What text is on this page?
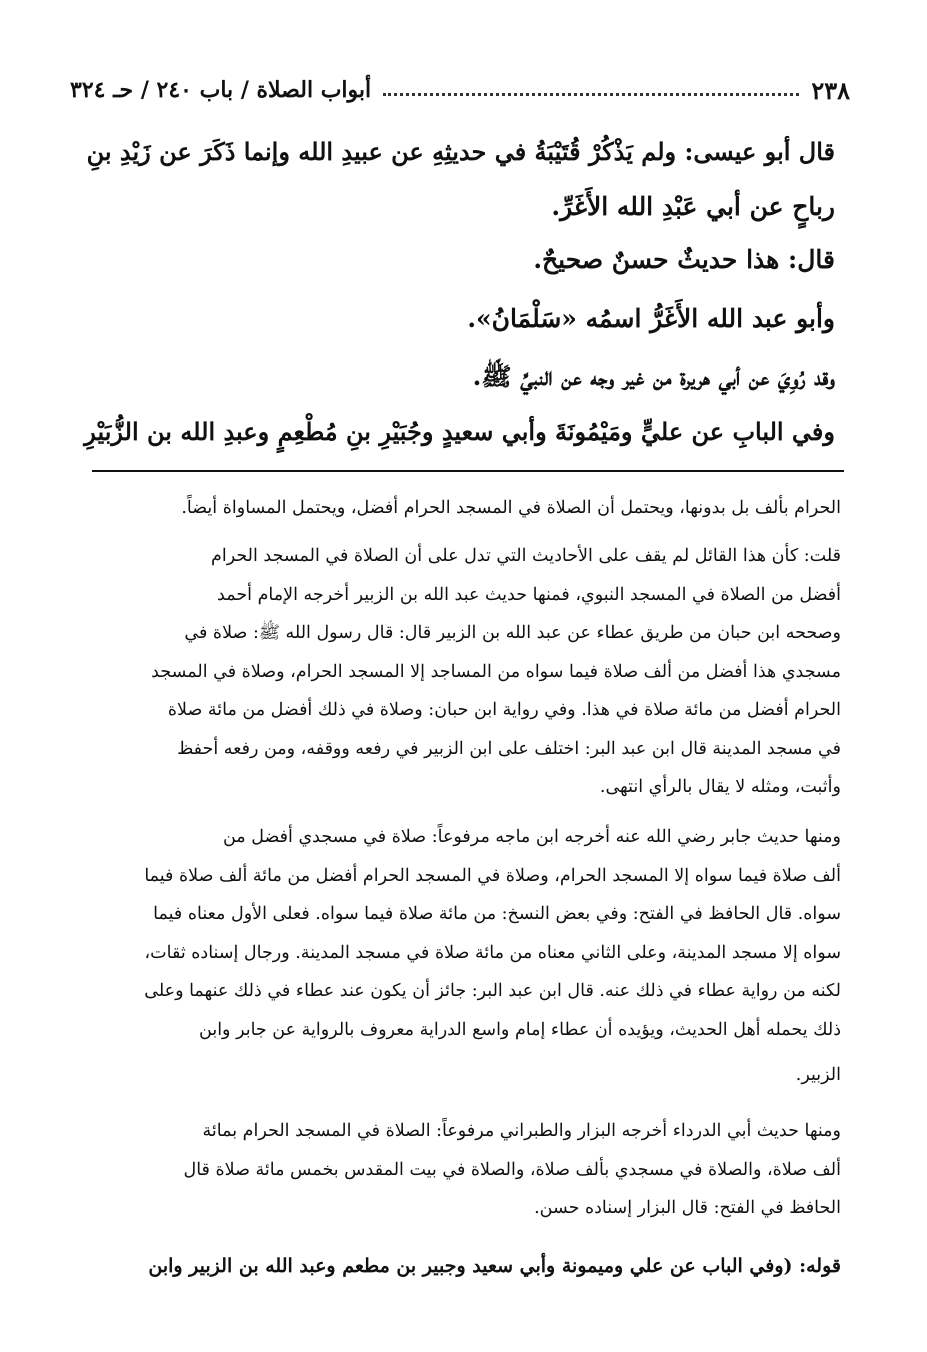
٢٣٨
أبواب الصلاة / باب ٢٤٠ / حـ ٣٢٤
قال أبو عيسى: ولم يَذْكُرْ قُتَيْبَةُ في حديثِهِ عن عبيدِ الله وإنما ذَكَرَ عن زَيْدِ بنِ
رباحٍ عن أبي عَبْدِ الله الأَغَرِّ.
قال: هذا حديثٌ حسنٌ صحيحٌ.
وأبو عبد الله الأَغَرُّ اسمُه «سَلْمَانُ».
وقد رُوِيَ عن أبي هريرة من غير وجه عن النبيِّ ﷺ.
وفي البابِ عن عليٍّ ومَيْمُونَةَ وأبي سعيدٍ وجُبَيْرِ بنِ مُطْعِمٍ وعبدِ الله بن الزُّبَيْرِ
الحرام بألف بل بدونها، ويحتمل أن الصلاة في المسجد الحرام أفضل، ويحتمل المساواة أيضاً.
قلت: كأن هذا القائل لم يقف على الأحاديث التي تدل على أن الصلاة في المسجد الحرام
أفضل من الصلاة في المسجد النبوي، فمنها حديث عبد الله بن الزبير أخرجه الإمام أحمد
وصححه ابن حبان من طريق عطاء عن عبد الله بن الزبير قال: قال رسول الله ﷺ: صلاة في
مسجدي هذا أفضل من ألف صلاة فيما سواه من المساجد إلا المسجد الحرام، وصلاة في المسجد
الحرام أفضل من مائة صلاة في هذا. وفي رواية ابن حبان: وصلاة في ذلك أفضل من مائة صلاة
في مسجد المدينة قال ابن عبد البر: اختلف على ابن الزبير في رفعه ووقفه، ومن رفعه أحفظ
وأثبت، ومثله لا يقال بالرأي انتهى.
ومنها حديث جابر رضي الله عنه أخرجه ابن ماجه مرفوعاً: صلاة في مسجدي أفضل من
ألف صلاة فيما سواه إلا المسجد الحرام، وصلاة في المسجد الحرام أفضل من مائة ألف صلاة فيما
سواه. قال الحافظ في الفتح: وفي بعض النسخ: من مائة صلاة فيما سواه. فعلى الأول معناه فيما
سواه إلا مسجد المدينة، وعلى الثاني معناه من مائة صلاة في مسجد المدينة. ورجال إسناده ثقات،
لكنه من رواية عطاء في ذلك عنه. قال ابن عبد البر: جائز أن يكون عند عطاء في ذلك عنهما وعلى
ذلك يحمله أهل الحديث، ويؤيده أن عطاء إمام واسع الدراية معروف بالرواية عن جابر وابن
الزبير.
ومنها حديث أبي الدرداء أخرجه البزار والطبراني مرفوعاً: الصلاة في المسجد الحرام بمائة
ألف صلاة، والصلاة في مسجدي بألف صلاة، والصلاة في بيت المقدس بخمس مائة صلاة قال
الحافظ في الفتح: قال البزار إسناده حسن.
قوله: (وفي الباب عن علي وميمونة وأبي سعيد وجبير بن مطعم وعبد الله بن الزبير وابن
